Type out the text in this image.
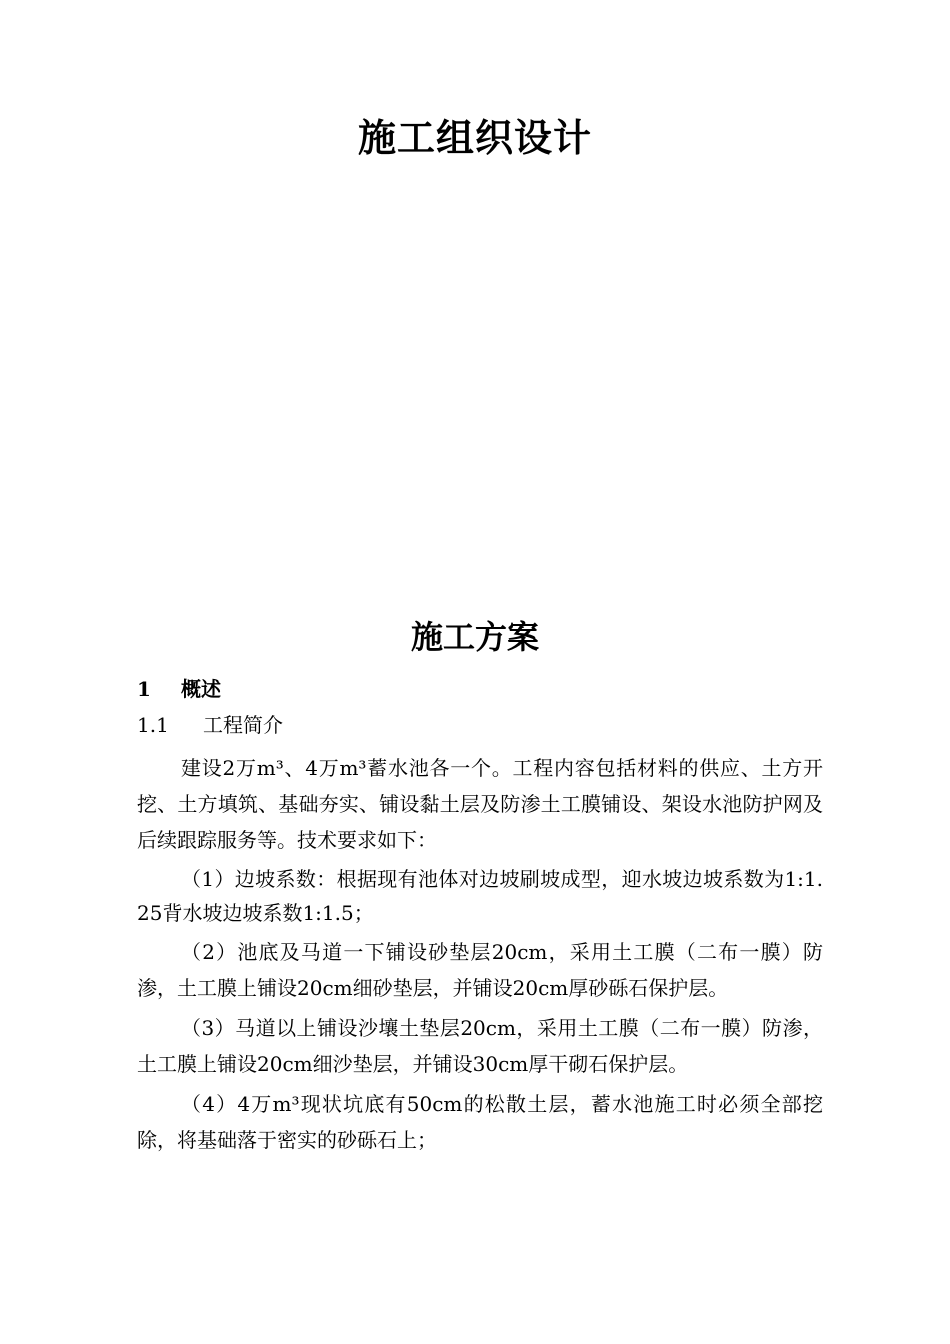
施工组织设计
施工方案
1 概述
1.1 工程简介

建设2万m³、4万m³蓄水池各一个。工程内容包括材料的供应、土方开挖、土方填筑、基础夯实、铺设黏土层及防渗土工膜铺设、架设水池防护网及后续跟踪服务等。技术要求如下：

（1）边坡系数：根据现有池体对边坡刷坡成型，迎水坡边坡系数为1:1.25背水坡边坡系数1:1.5；

（2）池底及马道一下铺设砂垫层20cm，采用土工膜（二布一膜）防渗，土工膜上铺设20cm细砂垫层，并铺设20cm厚砂砾石保护层。

（3）马道以上铺设沙壤土垫层20cm，采用土工膜（二布一膜）防渗，土工膜上铺设20cm细沙垫层，并铺设30cm厚干砌石保护层。

（4）4万m³现状坑底有50cm的松散土层，蓄水池施工时必须全部挖除，将基础落于密实的砂砾石上；
